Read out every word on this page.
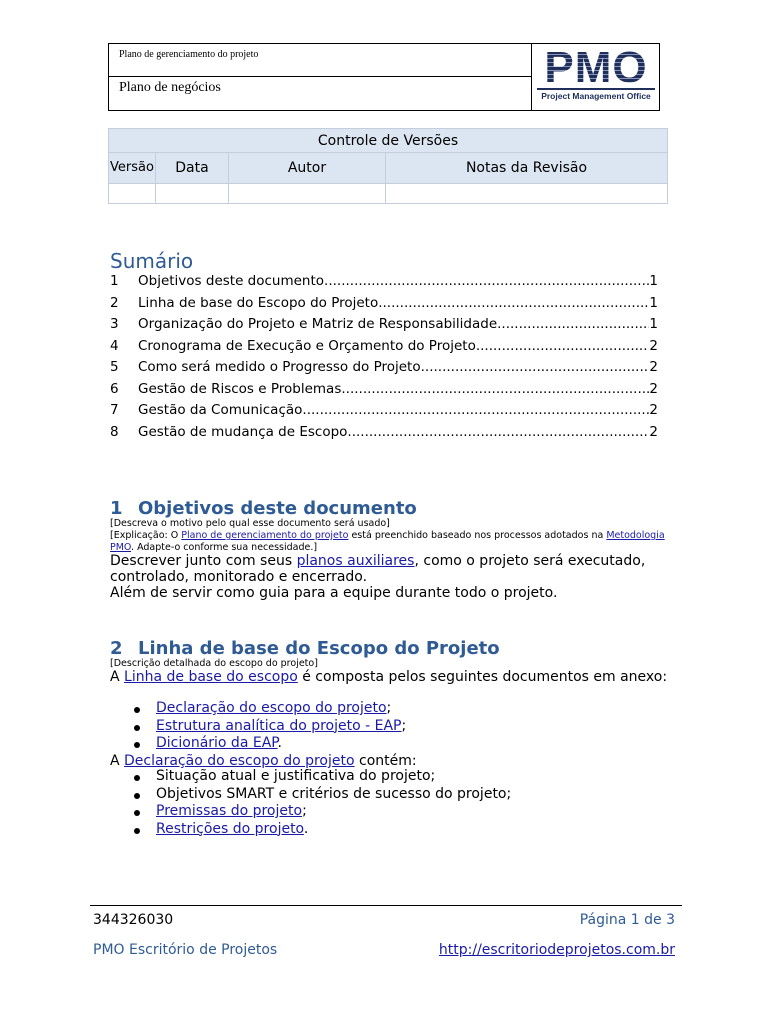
Plano de gerenciamento do projeto
Plano de negócios	PMO
Project Management Office
Controle de Versões			
Versão	Data	Autor	Notas da Revisão

Sumário
1	Objetivos deste documento .....	1
2	Linha de base do Escopo do Projeto .....	1
3	Organização do Projeto e Matriz de Responsabilidade .....	1
4	Cronograma de Execução e Orçamento do Projeto .....	2
5	Como será medido o Progresso do Projeto .....	2
6	Gestão de Riscos e Problemas .....	2
7	Gestão da Comunicação .....	2
8	Gestão de mudança de Escopo .....	2
1 Objetivos deste documento
[Descreva o motivo pelo qual esse documento será usado]
[Explicação: O Plano de gerenciamento do projeto está preenchido baseado nos processos adotados na Metodologia PMO. Adapte-o conforme sua necessidade.]
Descrever junto com seus planos auxiliares, como o projeto será executado, controlado, monitorado e encerrado.
Além de servir como guia para a equipe durante todo o projeto.
2 Linha de base do Escopo do Projeto
[Descrição detalhada do escopo do projeto]
A Linha de base do escopo é composta pelos seguintes documentos em anexo:
Declaração do escopo do projeto;
Estrutura analítica do projeto - EAP;
Dicionário da EAP.
A Declaração do escopo do projeto contém:
Situação atual e justificativa do projeto;
Objetivos SMART e critérios de sucesso do projeto;
Premissas do projeto;
Restrições do projeto.
344326030	Página 1 de 3
PMO Escritório de Projetos	http://escritoriodeprojetos.com.br
